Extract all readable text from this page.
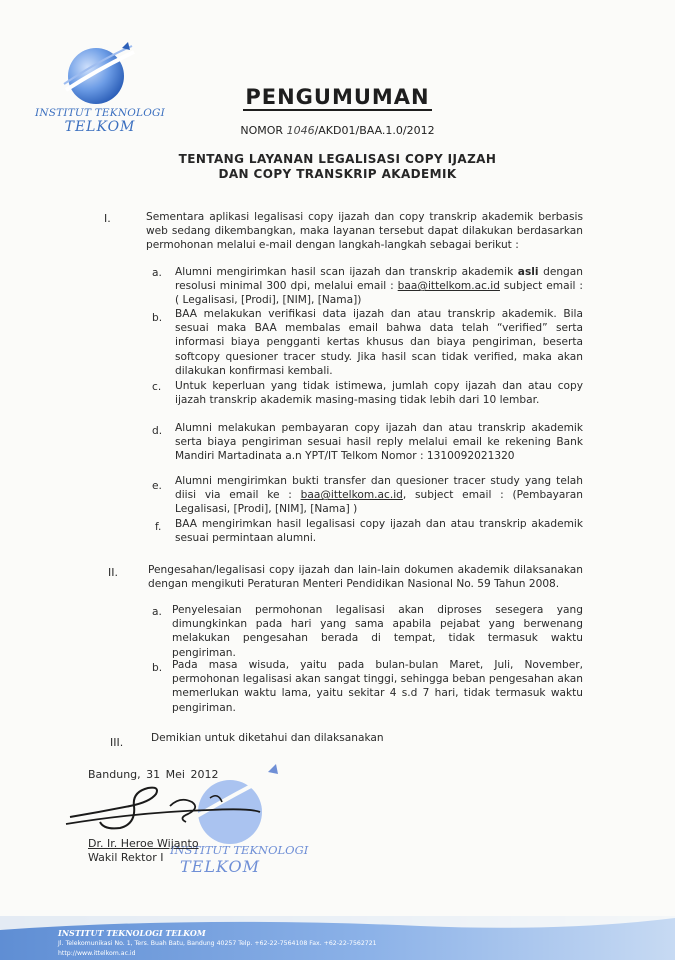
INSTITUT TEKNOLOGI
TELKOM
PENGUMUMAN
NOMOR 1046/AKD01/BAA.1.0/2012
TENTANG LAYANAN LEGALISASI COPY IJAZAH
DAN COPY TRANSKRIP AKADEMIK
I.	Sementara aplikasi legalisasi copy ijazah dan copy transkrip akademik berbasis web sedang dikembangkan, maka layanan tersebut dapat dilakukan berdasarkan permohonan melalui e-mail dengan langkah-langkah sebagai berikut :
a. Alumni mengirimkan hasil scan ijazah dan transkrip akademik asli dengan resolusi minimal 300 dpi, melalui email : baa@ittelkom.ac.id subject email : ( Legalisasi, [Prodi], [NIM], [Nama])
b. BAA melakukan verifikasi data ijazah dan atau transkrip akademik. Bila sesuai maka BAA membalas email bahwa data telah “verified” serta informasi biaya pengganti kertas khusus dan biaya pengiriman, beserta softcopy quesioner tracer study. Jika hasil scan tidak verified, maka akan dilakukan konfirmasi kembali.
c. Untuk keperluan yang tidak istimewa, jumlah copy ijazah dan atau copy ijazah transkrip akademik masing-masing tidak lebih dari 10 lembar.
d. Alumni melakukan pembayaran copy ijazah dan atau transkrip akademik serta biaya pengiriman sesuai hasil reply melalui email ke rekening Bank Mandiri Martadinata a.n YPT/IT Telkom Nomor : 1310092021320
e. Alumni mengirimkan bukti transfer dan quesioner tracer study yang telah diisi via email ke : baa@ittelkom.ac.id, subject email : (Pembayaran Legalisasi, [Prodi], [NIM], [Nama] )
f. BAA mengirimkan hasil legalisasi copy ijazah dan atau transkrip akademik sesuai permintaan alumni.
II.	Pengesahan/legalisasi copy ijazah dan lain-lain dokumen akademik dilaksanakan dengan mengikuti Peraturan Menteri Pendidikan Nasional No. 59 Tahun 2008.
a. Penyelesaian permohonan legalisasi akan diproses sesegera yang dimungkinkan pada hari yang sama apabila pejabat yang berwenang melakukan pengesahan berada di tempat, tidak termasuk waktu pengiriman.
b. Pada masa wisuda, yaitu pada bulan-bulan Maret, Juli, November, permohonan legalisasi akan sangat tinggi, sehingga beban pengesahan akan memerlukan waktu lama, yaitu sekitar 4 s.d 7 hari, tidak termasuk waktu pengiriman.
III.	Demikian untuk diketahui dan dilaksanakan
INSTITUT TEKNOLOGI
TELKOM
Bandung, 31 Mei 2012
Dr. Ir. Heroe Wijanto
Wakil Rektor I
INSTITUT TEKNOLOGI TELKOM
Jl. Telekomunikasi No. 1, Ters. Buah Batu, Bandung 40257 Telp. +62-22-7564108 Fax. +62-22-7562721
http://www.ittelkom.ac.id
